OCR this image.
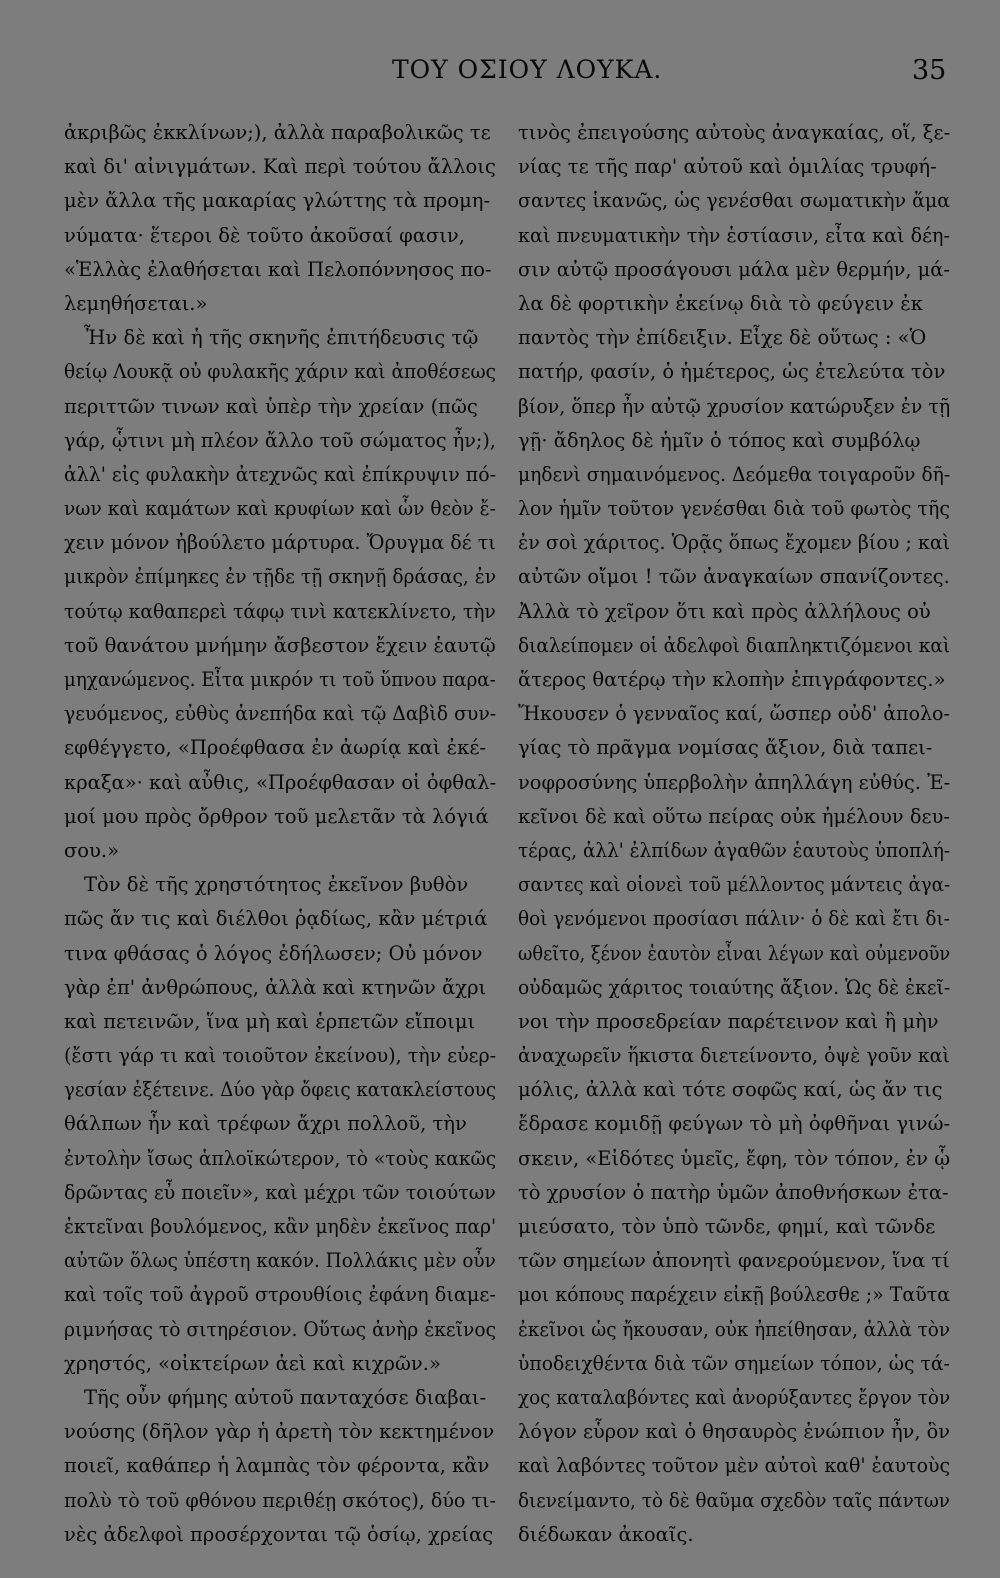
ΤΟΥ ΟΣΙΟΥ ΛΟΥΚΑ.	35
ἀκριβῶς ἐκκλίνων;), ἀλλὰ παραβολικῶς τε
καὶ δι' αἰνιγμάτων. Καὶ περὶ τούτου ἄλλοις
μὲν ἄλλα τῆς μακαρίας γλώττης τὰ προμη-
νύματα· ἕτεροι δὲ τοῦτο ἀκοῦσαί φασιν,
«Ἑλλὰς ἐλαθήσεται καὶ Πελοπόννησος πο-
λεμηθήσεται.»
Ἦν δὲ καὶ ἡ τῆς σκηνῆς ἐπιτήδευσις τῷ
θείῳ Λουκᾷ οὐ φυλακῆς χάριν καὶ ἀποθέσεως
περιττῶν τινων καὶ ὑπὲρ τὴν χρείαν (πῶς
γάρ, ᾧτινι μὴ πλέον ἄλλο τοῦ σώματος ἦν;),
ἀλλ' εἰς φυλακὴν ἀτεχνῶς καὶ ἐπίκρυψιν πό-
νων καὶ καμάτων καὶ κρυφίων καὶ ὧν θεὸν ἔ-
χειν μόνον ἠβούλετο μάρτυρα. Ὄρυγμα δέ τι
μικρὸν ἐπίμηκες ἐν τῇδε τῇ σκηνῇ δράσας, ἐν
τούτῳ καθαπερεὶ τάφῳ τινὶ κατεκλίνετο, τὴν
τοῦ θανάτου μνήμην ἄσβεστον ἔχειν ἑαυτῷ
μηχανώμενος. Εἶτα μικρόν τι τοῦ ὕπνου παρα-
γευόμενος, εὐθὺς ἀνεπήδα καὶ τῷ Δαβὶδ συν-
εφθέγγετο, «Προέφθασα ἐν ἀωρίᾳ καὶ ἐκέ-
κραξα»· καὶ αὖθις, «Προέφθασαν οἱ ὀφθαλ-
μοί μου πρὸς ὄρθρον τοῦ μελετᾶν τὰ λόγιά
σου.»
Τὸν δὲ τῆς χρηστότητος ἐκεῖνον βυθὸν
πῶς ἄν τις καὶ διέλθοι ῥᾳδίως, κἂν μέτριά
τινα φθάσας ὁ λόγος ἐδήλωσεν; Οὐ μόνον
γὰρ ἐπ' ἀνθρώπους, ἀλλὰ καὶ κτηνῶν ἄχρι
καὶ πετεινῶν, ἵνα μὴ καὶ ἑρπετῶν εἴποιμι
(ἔστι γάρ τι καὶ τοιοῦτον ἐκείνου), τὴν εὐερ-
γεσίαν ἐξέτεινε. Δύο γὰρ ὄφεις κατακλείστους
θάλπων ἦν καὶ τρέφων ἄχρι πολλοῦ, τὴν
ἐντολὴν ἴσως ἁπλοϊκώτερον, τὸ «τοὺς κακῶς
δρῶντας εὖ ποιεῖν», καὶ μέχρι τῶν τοιούτων
ἐκτεῖναι βουλόμενος, κἂν μηδὲν ἐκεῖνος παρ'
αὐτῶν ὅλως ὑπέστη κακόν. Πολλάκις μὲν οὖν
καὶ τοῖς τοῦ ἀγροῦ στρουθίοις ἐφάνη διαμε-
ριμνήσας τὸ σιτηρέσιον. Οὕτως ἀνὴρ ἐκεῖνος
χρηστός, «οἰκτείρων ἀεὶ καὶ κιχρῶν.»
Τῆς οὖν φήμης αὐτοῦ πανταχόσε διαβαι-
νούσης (δῆλον γὰρ ἡ ἀρετὴ τὸν κεκτημένον
ποιεῖ, καθάπερ ἡ λαμπὰς τὸν φέροντα, κἂν
πολὺ τὸ τοῦ φθόνου περιθέῃ σκότος), δύο τι-
νὲς ἀδελφοὶ προσέρχονται τῷ ὁσίῳ, χρείας
τινὸς ἐπειγούσης αὐτοὺς ἀναγκαίας, οἵ, ξε-
νίας τε τῆς παρ' αὐτοῦ καὶ ὁμιλίας τρυφή-
σαντες ἱκανῶς, ὡς γενέσθαι σωματικὴν ἅμα
καὶ πνευματικὴν τὴν ἑστίασιν, εἶτα καὶ δέη-
σιν αὐτῷ προσάγουσι μάλα μὲν θερμήν, μά-
λα δὲ φορτικὴν ἐκείνῳ διὰ τὸ φεύγειν ἐκ
παντὸς τὴν ἐπίδειξιν. Εἶχε δὲ οὕτως : «Ὁ
πατήρ, φασίν, ὁ ἡμέτερος, ὡς ἐτελεύτα τὸν
βίον, ὅπερ ἦν αὐτῷ χρυσίον κατώρυξεν ἐν τῇ
γῇ· ἄδηλος δὲ ἡμῖν ὁ τόπος καὶ συμβόλῳ
μηδενὶ σημαινόμενος. Δεόμεθα τοιγαροῦν δῆ-
λον ἡμῖν τοῦτον γενέσθαι διὰ τοῦ φωτὸς τῆς
ἐν σοὶ χάριτος. Ὁρᾷς ὅπως ἔχομεν βίου ; καὶ
αὐτῶν οἴμοι ! τῶν ἀναγκαίων σπανίζοντες.
Ἀλλὰ τὸ χεῖρον ὅτι καὶ πρὸς ἀλλήλους οὐ
διαλείπομεν οἱ ἀδελφοὶ διαπληκτιζόμενοι καὶ
ἅτερος θατέρῳ τὴν κλοπὴν ἐπιγράφοντες.»
Ἤκουσεν ὁ γενναῖος καί, ὥσπερ οὐδ' ἀπολο-
γίας τὸ πρᾶγμα νομίσας ἄξιον, διὰ ταπει-
νοφροσύνης ὑπερβολὴν ἀπηλλάγη εὐθύς. Ἐ-
κεῖνοι δὲ καὶ οὕτω πείρας οὐκ ἠμέλουν δευ-
τέρας, ἀλλ' ἐλπίδων ἀγαθῶν ἑαυτοὺς ὑποπλή-
σαντες καὶ οἱονεὶ τοῦ μέλλοντος μάντεις ἀγα-
θοὶ γενόμενοι προσίασι πάλιν· ὁ δὲ καὶ ἔτι δι-
ωθεῖτο, ξένον ἑαυτὸν εἶναι λέγων καὶ οὐμενοῦν
οὐδαμῶς χάριτος τοιαύτης ἄξιον. Ὡς δὲ ἐκεῖ-
νοι τὴν προσεδρείαν παρέτεινον καὶ ἢ μὴν
ἀναχωρεῖν ἥκιστα διετείνοντο, ὀψὲ γοῦν καὶ
μόλις, ἀλλὰ καὶ τότε σοφῶς καί, ὡς ἄν τις
ἔδρασε κομιδῇ φεύγων τὸ μὴ ὀφθῆναι γινώ-
σκειν, «Εἰδότες ὑμεῖς, ἔφη, τὸν τόπον, ἐν ᾧ
τὸ χρυσίον ὁ πατὴρ ὑμῶν ἀποθνήσκων ἐτα-
μιεύσατο, τὸν ὑπὸ τῶνδε, φημί, καὶ τῶνδε
τῶν σημείων ἀπονητὶ φανερούμενον, ἵνα τί
μοι κόπους παρέχειν εἰκῇ βούλεσθε ;» Ταῦτα
ἐκεῖνοι ὡς ἤκουσαν, οὐκ ἠπείθησαν, ἀλλὰ τὸν
ὑποδειχθέντα διὰ τῶν σημείων τόπον, ὡς τά-
χος καταλαβόντες καὶ ἀνορύξαντες ἔργον τὸν
λόγον εὗρον καὶ ὁ θησαυρὸς ἐνώπιον ἦν, ὃν
καὶ λαβόντες τοῦτον μὲν αὐτοὶ καθ' ἑαυτοὺς
διενείμαντο, τὸ δὲ θαῦμα σχεδὸν ταῖς πάντων
διέδωκαν ἀκοαῖς.
